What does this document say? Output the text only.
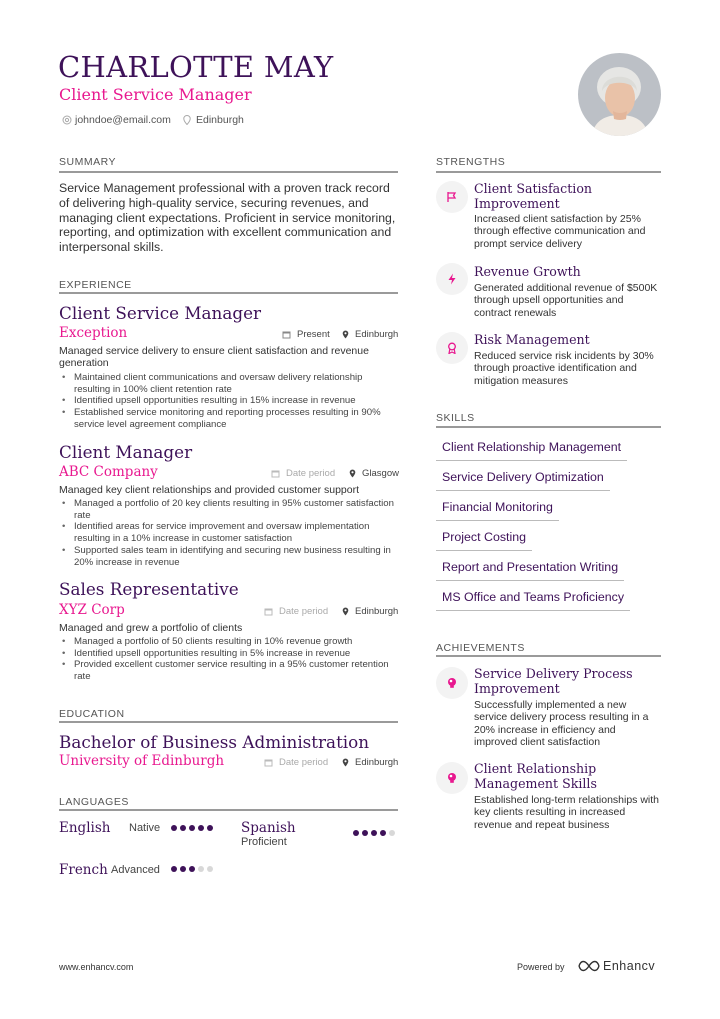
CHARLOTTE MAY
Client Service Manager
johndoe@email.com Edinburgh
SUMMARY
Service Management professional with a proven track record of delivering high-quality service, securing revenues, and managing client expectations. Proficient in service monitoring, reporting, and optimization with excellent communication and interpersonal skills.
EXPERIENCE
Client Service Manager
Exception	Present	Edinburgh
Managed service delivery to ensure client satisfaction and revenue generation
• Maintained client communications and oversaw delivery relationship resulting in 100% client retention rate
• Identified upsell opportunities resulting in 15% increase in revenue
• Established service monitoring and reporting processes resulting in 90% service level agreement compliance
Client Manager
ABC Company	Date period	Glasgow
Managed key client relationships and provided customer support
• Managed a portfolio of 20 key clients resulting in 95% customer satisfaction rate
• Identified areas for service improvement and oversaw implementation resulting in a 10% increase in customer satisfaction
• Supported sales team in identifying and securing new business resulting in 20% increase in revenue
Sales Representative
XYZ Corp	Date period	Edinburgh
Managed and grew a portfolio of clients
• Managed a portfolio of 50 clients resulting in 10% revenue growth
• Identified upsell opportunities resulting in 5% increase in revenue
• Provided excellent customer service resulting in a 95% customer retention rate
EDUCATION
Bachelor of Business Administration
University of Edinburgh	Date period	Edinburgh
LANGUAGES
English Native	Spanish
Proficient
French Advanced
STRENGTHS
Client Satisfaction Improvement
Increased client satisfaction by 25% through effective communication and prompt service delivery
Revenue Growth
Generated additional revenue of $500K through upsell opportunities and contract renewals
Risk Management
Reduced service risk incidents by 30% through proactive identification and mitigation measures
SKILLS
Client Relationship Management
Service Delivery Optimization
Financial Monitoring
Project Costing
Report and Presentation Writing
MS Office and Teams Proficiency
ACHIEVEMENTS
Service Delivery Process Improvement
Successfully implemented a new service delivery process resulting in a 20% increase in efficiency and improved client satisfaction
Client Relationship Management Skills
Established long-term relationships with key clients resulting in increased revenue and repeat business
www.enhancv.com	Powered by	Enhancv
